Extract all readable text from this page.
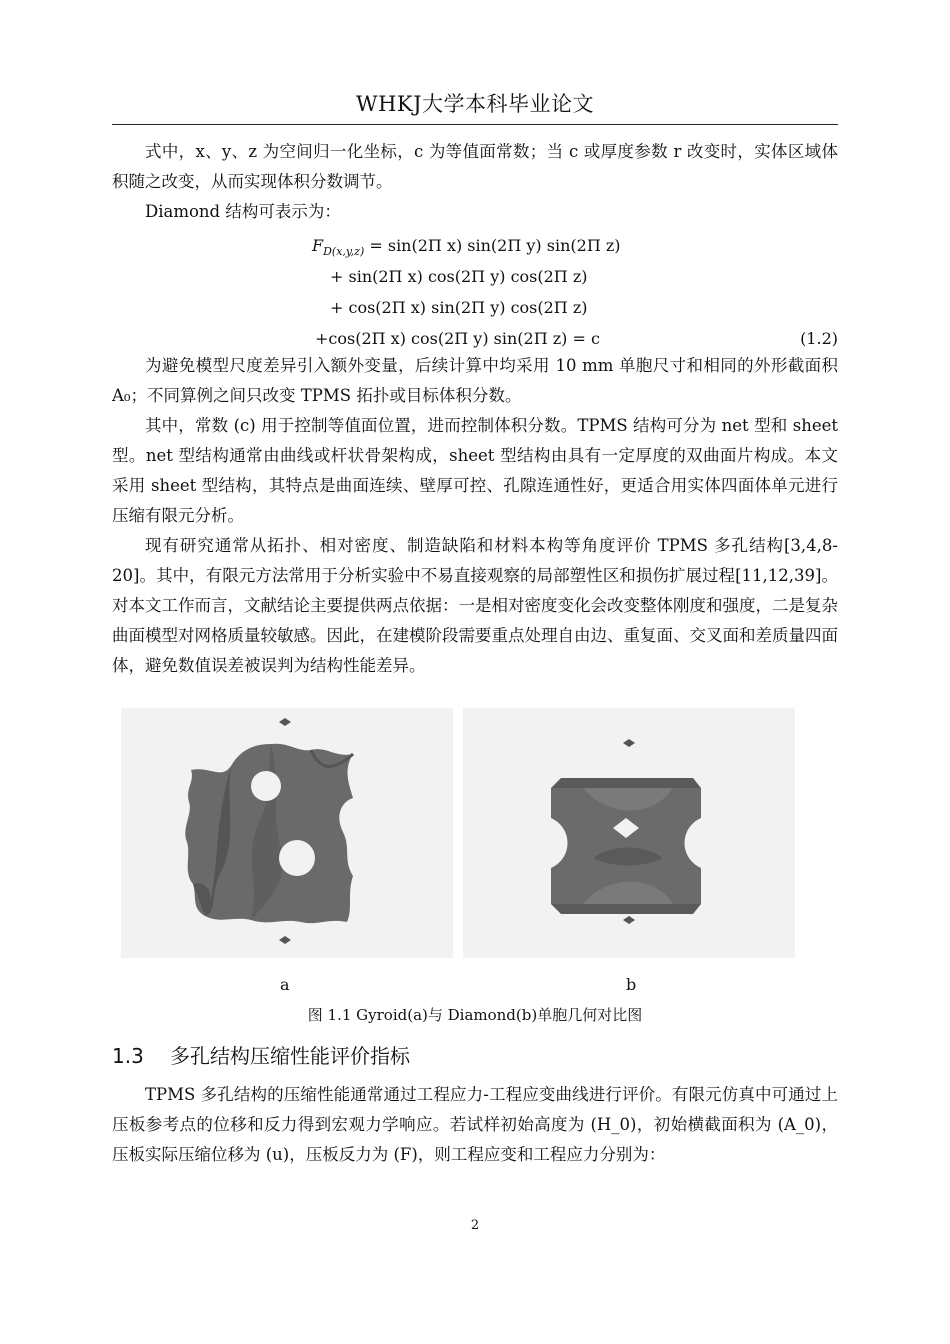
WHKJ大学本科毕业论文

式中，x、y、z 为空间归一化坐标，c 为等值面常数；当 c 或厚度参数 r 改变时，实体区域体积随之改变，从而实现体积分数调节。

Diamond 结构可表示为：

$F_{D(x,y,z)} = \sin(2\Pi$ x) sin(2Π y) sin(2Π z)
+ sin(2Π x) cos(2Π y) cos(2Π z)
+ cos(2Π x) sin(2Π y) cos(2Π z)
+cos(2Π x) cos(2Π y) sin(2Π z) = c	(1.2)

为避免模型尺度差异引入额外变量，后续计算中均采用 10 mm 单胞尺寸和相同的外形截面积 A₀；不同算例之间只改变 TPMS 拓扑或目标体积分数。

其中，常数 (c) 用于控制等值面位置，进而控制体积分数。TPMS 结构可分为 net 型和 sheet 型。net 型结构通常由曲线或杆状骨架构成，sheet 型结构由具有一定厚度的双曲面片构成。本文采用 sheet 型结构，其特点是曲面连续、壁厚可控、孔隙连通性好，更适合用实体四面体单元进行压缩有限元分析。

现有研究通常从拓扑、相对密度、制造缺陷和材料本构等角度评价 TPMS 多孔结构[3,4,8-20]。其中，有限元方法常用于分析实验中不易直接观察的局部塑性区和损伤扩展过程[11,12,39]。对本文工作而言，文献结论主要提供两点依据：一是相对密度变化会改变整体刚度和强度，二是复杂曲面模型对网格质量较敏感。因此，在建模阶段需要重点处理自由边、重复面、交叉面和差质量四面体，避免数值误差被误判为结构性能差异。

a	b
图 1.1 Gyroid(a)与 Diamond(b)单胞几何对比图
1.3 多孔结构压缩性能评价指标

TPMS 多孔结构的压缩性能通常通过工程应力-工程应变曲线进行评价。有限元仿真中可通过上压板参考点的位移和反力得到宏观力学响应。若试样初始高度为 (H_0)，初始横截面积为 (A_0)，压板实际压缩位移为 (u)，压板反力为 (F)，则工程应变和工程应力分别为：

2
